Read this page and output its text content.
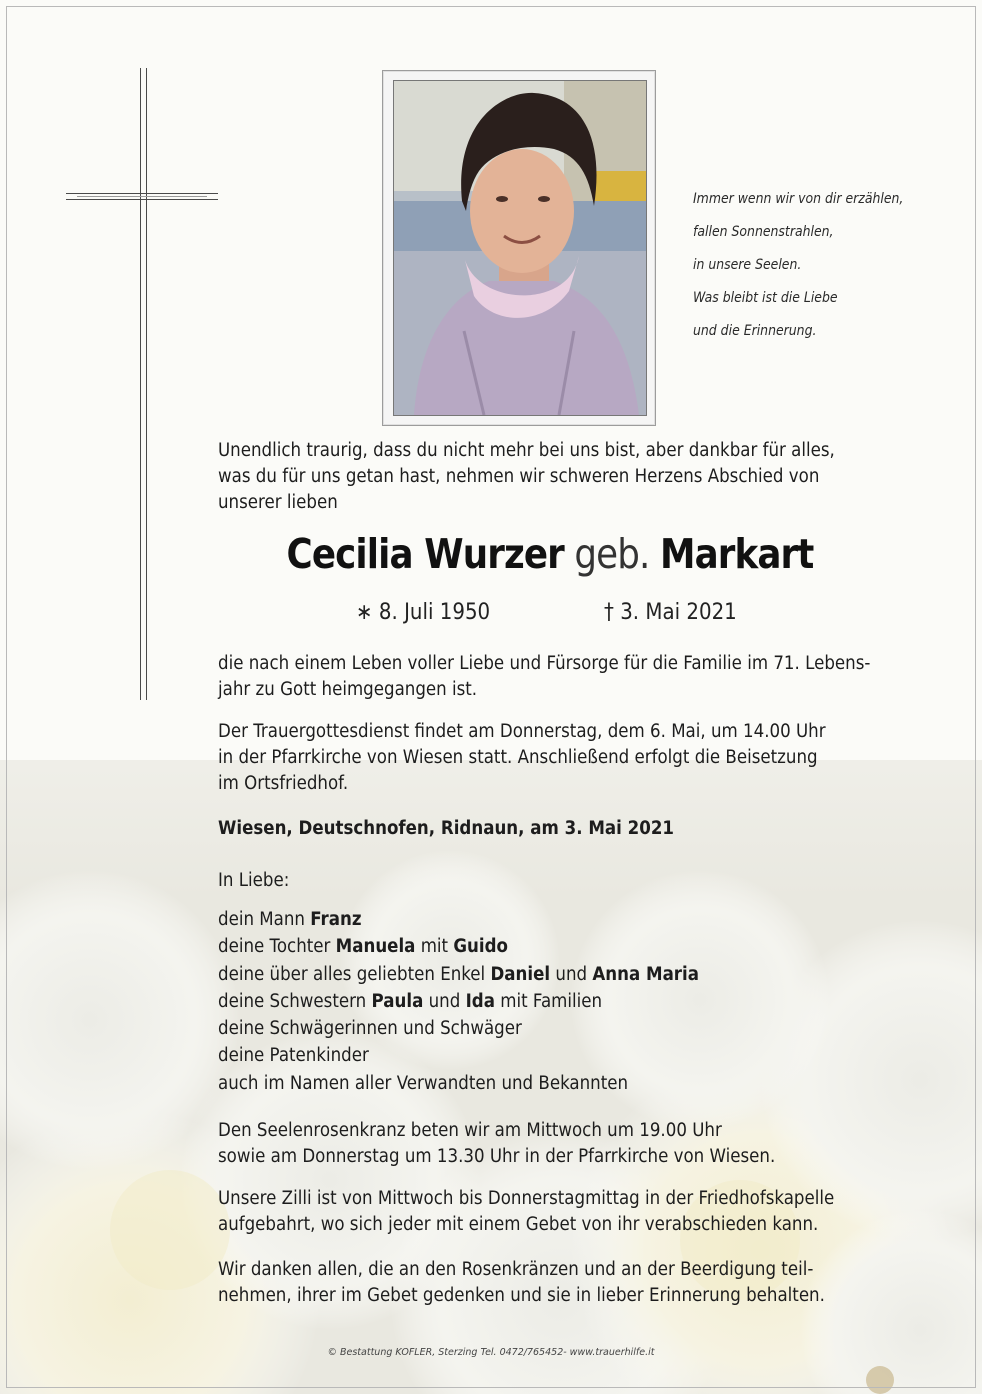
Immer wenn wir von dir erzählen,
fallen Sonnenstrahlen,
in unsere Seelen.
Was bleibt ist die Liebe
und die Erinnerung.
Unendlich traurig, dass du nicht mehr bei uns bist, aber dankbar für alles,
was du für uns getan hast, nehmen wir schweren Herzens Abschied von
unserer lieben
Cecilia Wurzer geb. Markart
∗ 8. Juli 1950	† 3. Mai 2021
die nach einem Leben voller Liebe und Fürsorge für die Familie im 71. Lebens-
jahr zu Gott heimgegangen ist.
Der Trauergottesdienst findet am Donnerstag, dem 6. Mai, um 14.00 Uhr
in der Pfarrkirche von Wiesen statt. Anschließend erfolgt die Beisetzung
im Ortsfriedhof.
Wiesen, Deutschnofen, Ridnaun, am 3. Mai 2021
In Liebe:
dein Mann Franz
deine Tochter Manuela mit Guido
deine über alles geliebten Enkel Daniel und Anna Maria
deine Schwestern Paula und Ida mit Familien
deine Schwägerinnen und Schwäger
deine Patenkinder
auch im Namen aller Verwandten und Bekannten
Den Seelenrosenkranz beten wir am Mittwoch um 19.00 Uhr
sowie am Donnerstag um 13.30 Uhr in der Pfarrkirche von Wiesen.
Unsere Zilli ist von Mittwoch bis Donnerstagmittag in der Friedhofskapelle
aufgebahrt, wo sich jeder mit einem Gebet von ihr verabschieden kann.
Wir danken allen, die an den Rosenkränzen und an der Beerdigung teil-
nehmen, ihrer im Gebet gedenken und sie in lieber Erinnerung behalten.
© Bestattung KOFLER, Sterzing Tel. 0472/765452- www.trauerhilfe.it
